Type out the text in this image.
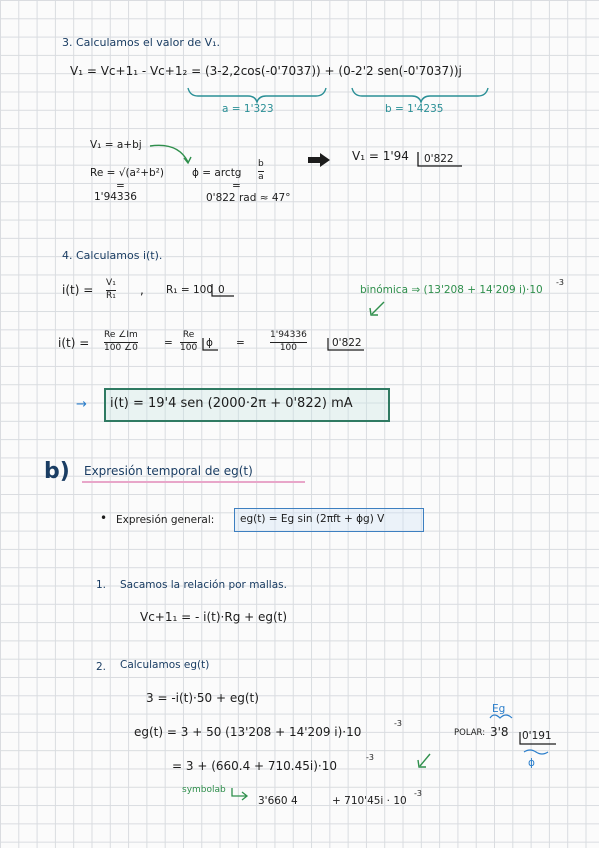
3. Calculamos el valor de V₁.
V₁ = Vc+1₁ - Vc+1₂ = (3-2,2cos(-0'7037)) + (0-2'2 sen(-0'7037))j
a = 1'323	b = 1'4235
V₁ = a+bj
Re = √(a²+b²)
=
1'94336
ϕ = arctg
b
a
=
0'822 rad ≈ 47°
V₁ = 1'94 0'822
4. Calculamos i(t).
i(t) = V₁
R₁ , R₁ = 100 0	binómica ⇒ (13'208 + 14'209 i)·10
-3
i(t) =
Re ∠Im
100 ∠0 =
Re
100 ϕ =
1'94336
100	0'822
→ i(t) = 19'4 sen (2000·2π + 0'822) mA
b) Expresión temporal de eg(t)
• Expresión general: eg(t) = Eg sin (2πft + ϕg) V
1. Sacamos la relación por mallas.
Vc+1₁ = - i(t)·Rg + eg(t)
2. Calculamos eg(t)
3 = -i(t)·50 + eg(t)
eg(t) = 3 + 50 (13'208 + 14'209 i)·10
-3
= 3 + (660.4 + 710.45i)·10
-3
POLAR: 3'8 0'191
Eg
ϕ
symbolab
3'660 4	+ 710'45i · 10
-3
